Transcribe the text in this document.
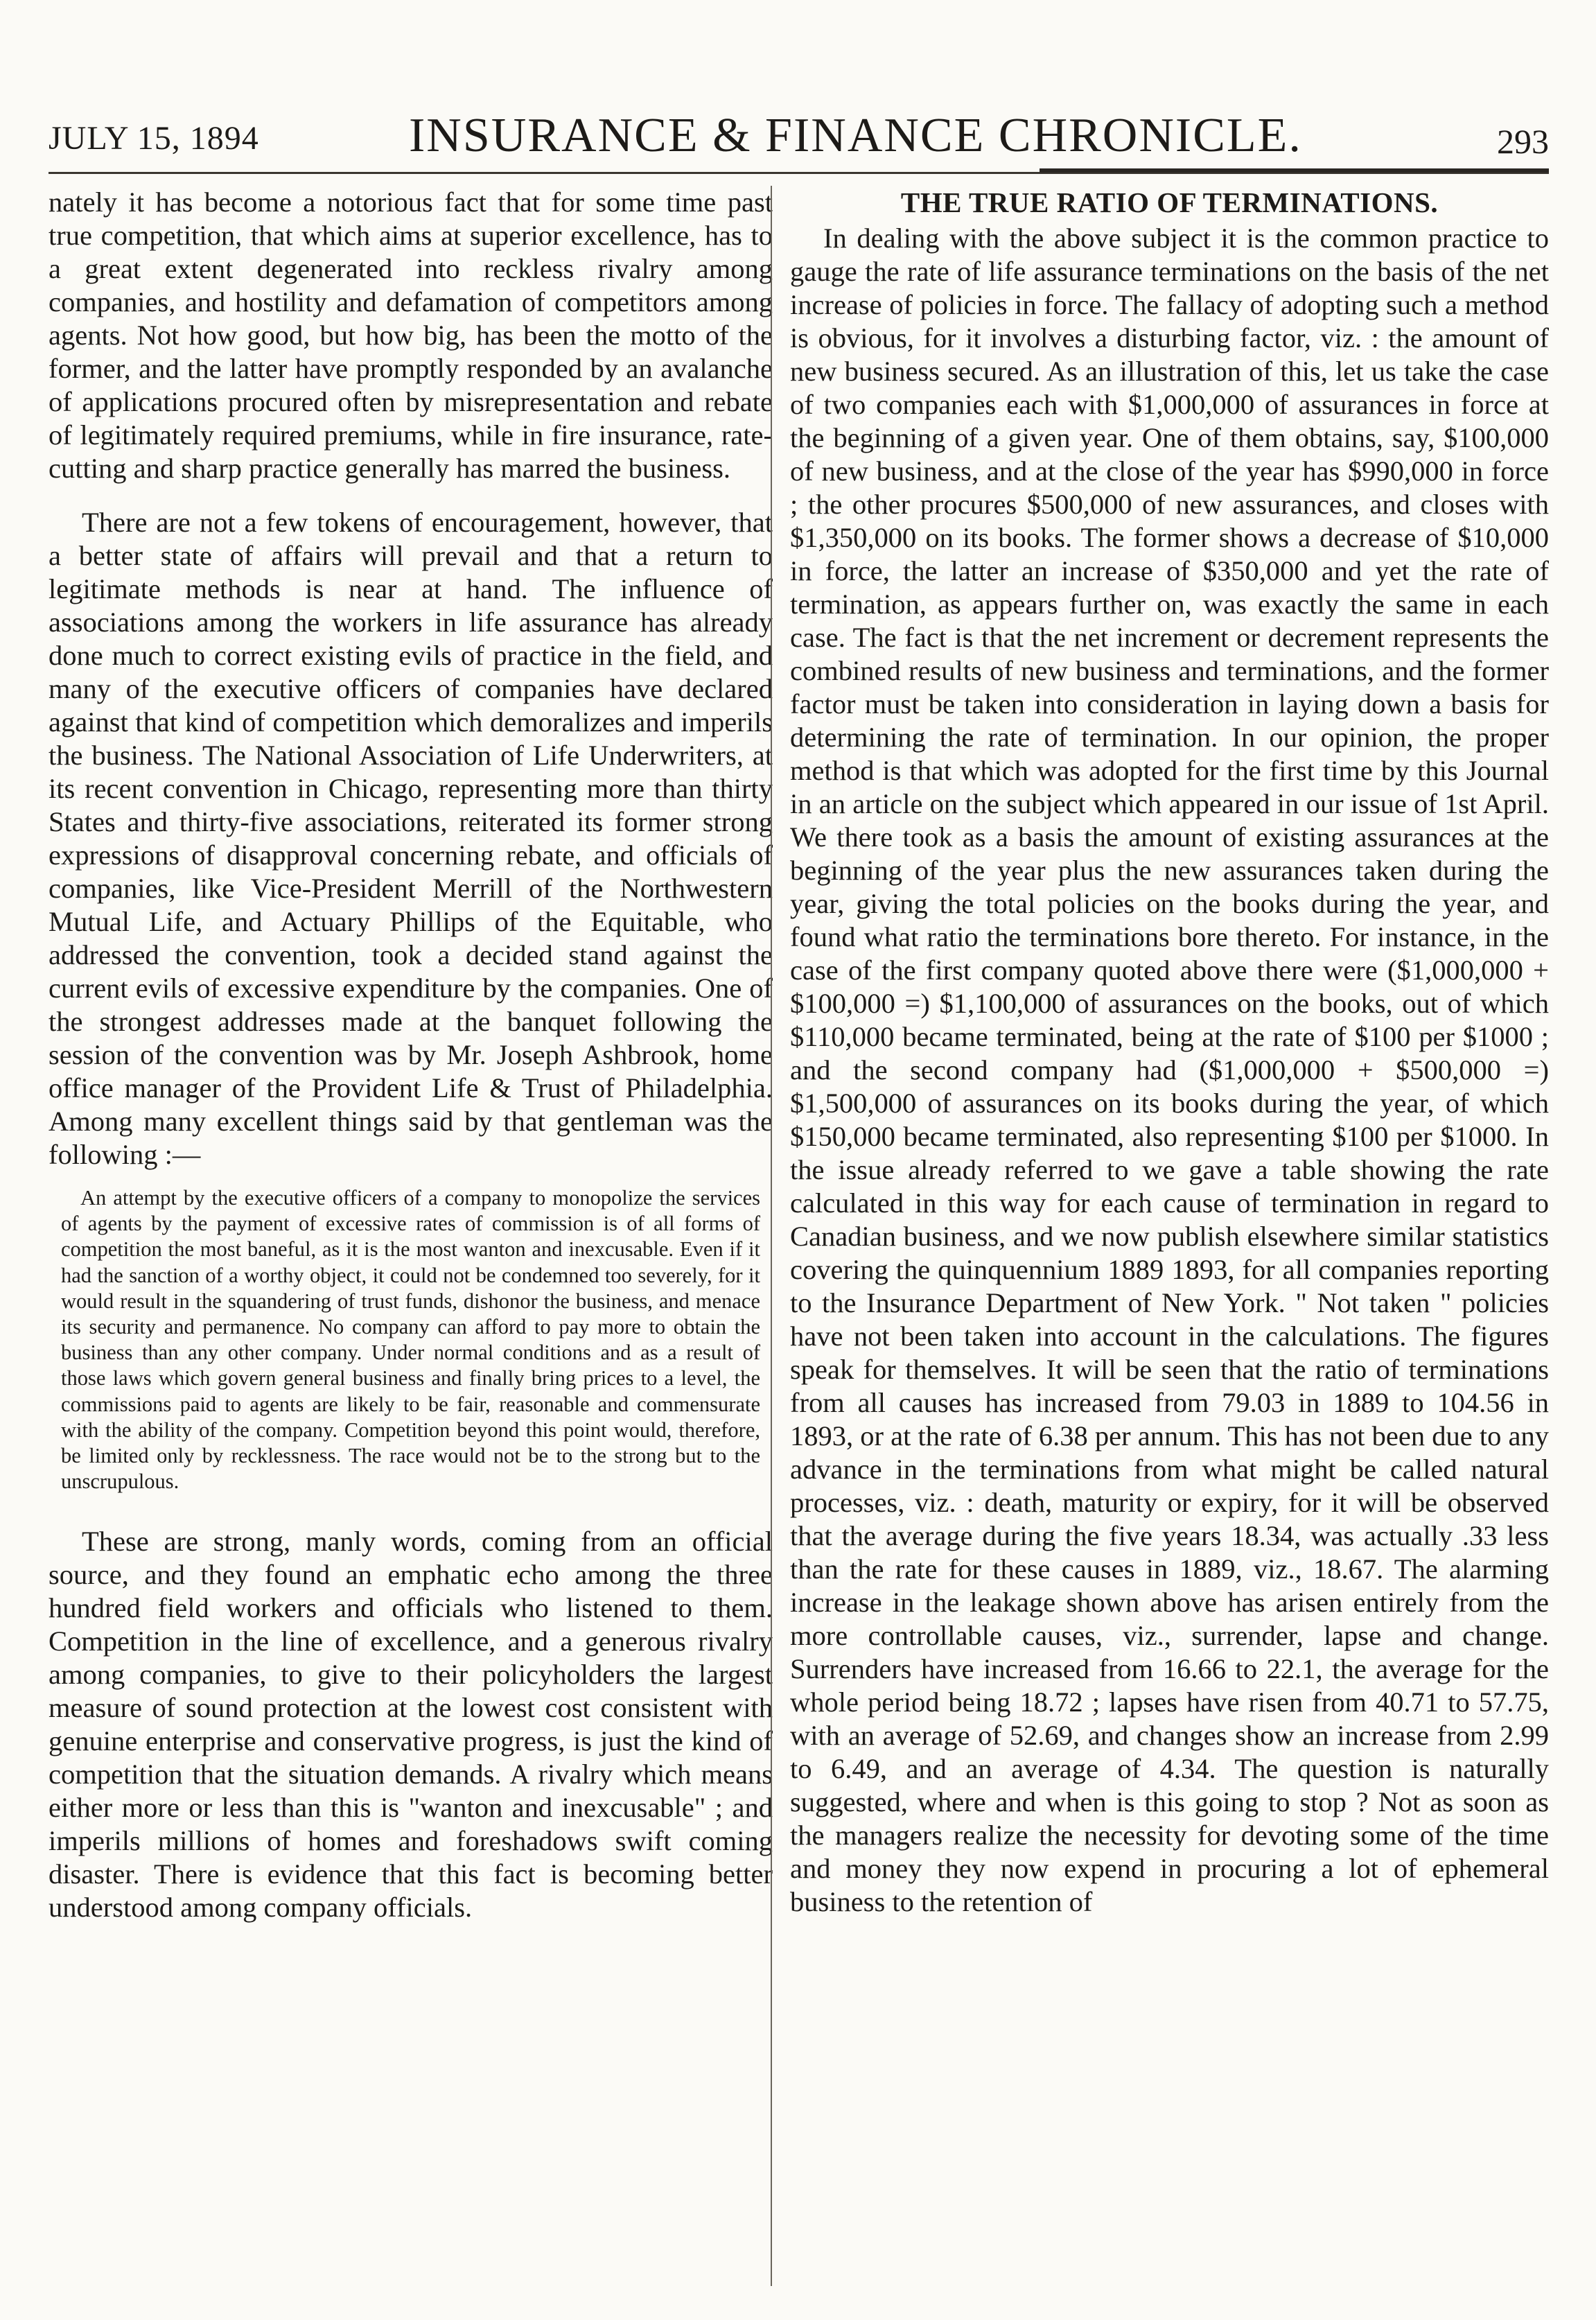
JULY 15, 1894	INSURANCE & FINANCE CHRONICLE.	293

nately it has become a notorious fact that for some time past true competition, that which aims at superior excellence, has to a great extent degenerated into reckless rivalry among companies, and hostility and defamation of competitors among agents. Not how good, but how big, has been the motto of the former, and the latter have promptly responded by an avalanche of applications procured often by misrepresentation and rebate of legitimately required premiums, while in fire insurance, rate-cutting and sharp practice generally has marred the business.

There are not a few tokens of encouragement, however, that a better state of affairs will prevail and that a return to legitimate methods is near at hand. The influence of associations among the workers in life assurance has already done much to correct existing evils of practice in the field, and many of the executive officers of companies have declared against that kind of competition which demoralizes and imperils the business. The National Association of Life Underwriters, at its recent convention in Chicago, representing more than thirty States and thirty-five associations, reiterated its former strong expressions of disapproval concerning rebate, and officials of companies, like Vice-President Merrill of the Northwestern Mutual Life, and Actuary Phillips of the Equitable, who addressed the convention, took a decided stand against the current evils of excessive expenditure by the companies. One of the strongest addresses made at the banquet following the session of the convention was by Mr. Joseph Ashbrook, home office manager of the Provident Life & Trust of Philadelphia. Among many excellent things said by that gentleman was the following :—

An attempt by the executive officers of a company to monopolize the services of agents by the payment of excessive rates of commission is of all forms of competition the most baneful, as it is the most wanton and inexcusable. Even if it had the sanction of a worthy object, it could not be condemned too severely, for it would result in the squandering of trust funds, dishonor the business, and menace its security and permanence. No company can afford to pay more to obtain the business than any other company. Under normal conditions and as a result of those laws which govern general business and finally bring prices to a level, the commissions paid to agents are likely to be fair, reasonable and commensurate with the ability of the company. Competition beyond this point would, therefore, be limited only by recklessness. The race would not be to the strong but to the unscrupulous.

These are strong, manly words, coming from an official source, and they found an emphatic echo among the three hundred field workers and officials who listened to them. Competition in the line of excellence, and a generous rivalry among companies, to give to their policyholders the largest measure of sound protection at the lowest cost consistent with genuine enterprise and conservative progress, is just the kind of competition that the situation demands. A rivalry which means either more or less than this is "wanton and inexcusable" ; and imperils millions of homes and foreshadows swift coming disaster. There is evidence that this fact is becoming better understood among company officials.

THE TRUE RATIO OF TERMINATIONS.

In dealing with the above subject it is the common practice to gauge the rate of life assurance terminations on the basis of the net increase of policies in force. The fallacy of adopting such a method is obvious, for it involves a disturbing factor, viz. : the amount of new business secured. As an illustration of this, let us take the case of two companies each with $1,000,000 of assurances in force at the beginning of a given year. One of them obtains, say, $100,000 of new business, and at the close of the year has $990,000 in force ; the other procures $500,000 of new assurances, and closes with $1,350,000 on its books. The former shows a decrease of $10,000 in force, the latter an increase of $350,000 and yet the rate of termination, as appears further on, was exactly the same in each case. The fact is that the net increment or decrement represents the combined results of new business and terminations, and the former factor must be taken into consideration in laying down a basis for determining the rate of termination. In our opinion, the proper method is that which was adopted for the first time by this Journal in an article on the subject which appeared in our issue of 1st April. We there took as a basis the amount of existing assurances at the beginning of the year plus the new assurances taken during the year, giving the total policies on the books during the year, and found what ratio the terminations bore thereto. For instance, in the case of the first company quoted above there were ($1,000,000 + $100,000 =) $1,100,000 of assurances on the books, out of which $110,000 became terminated, being at the rate of $100 per $1000 ; and the second company had ($1,000,000 + $500,000 =) $1,500,000 of assurances on its books during the year, of which $150,000 became terminated, also representing $100 per $1000. In the issue already referred to we gave a table showing the rate calculated in this way for each cause of termination in regard to Canadian business, and we now publish elsewhere similar statistics covering the quinquennium 1889 1893, for all companies reporting to the Insurance Department of New York. " Not taken " policies have not been taken into account in the calculations. The figures speak for themselves. It will be seen that the ratio of terminations from all causes has increased from 79.03 in 1889 to 104.56 in 1893, or at the rate of 6.38 per annum. This has not been due to any advance in the terminations from what might be called natural processes, viz. : death, maturity or expiry, for it will be observed that the average during the five years 18.34, was actually .33 less than the rate for these causes in 1889, viz., 18.67. The alarming increase in the leakage shown above has arisen entirely from the more controllable causes, viz., surrender, lapse and change. Surrenders have increased from 16.66 to 22.1, the average for the whole period being 18.72 ; lapses have risen from 40.71 to 57.75, with an average of 52.69, and changes show an increase from 2.99 to 6.49, and an average of 4.34. The question is naturally suggested, where and when is this going to stop ? Not as soon as the managers realize the necessity for devoting some of the time and money they now expend in procuring a lot of ephemeral business to the retention of
